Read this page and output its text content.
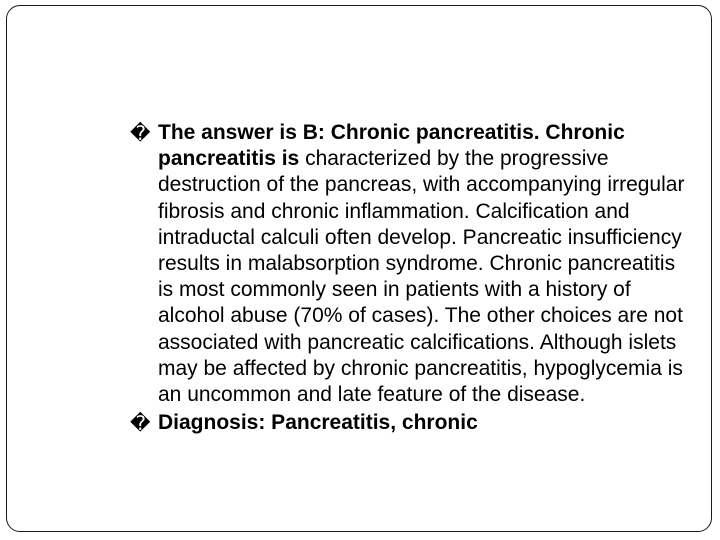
� The answer is B: Chronic pancreatitis. Chronic pancreatitis is characterized by the progressive destruction of the pancreas, with accompanying irregular fibrosis and chronic inflammation. Calcification and intraductal calculi often develop. Pancreatic insufficiency results in malabsorption syndrome. Chronic pancreatitis is most commonly seen in patients with a history of alcohol abuse (70% of cases). The other choices are not associated with pancreatic calcifications. Although islets may be affected by chronic pancreatitis, hypoglycemia is an uncommon and late feature of the disease.

� Diagnosis: Pancreatitis, chronic
